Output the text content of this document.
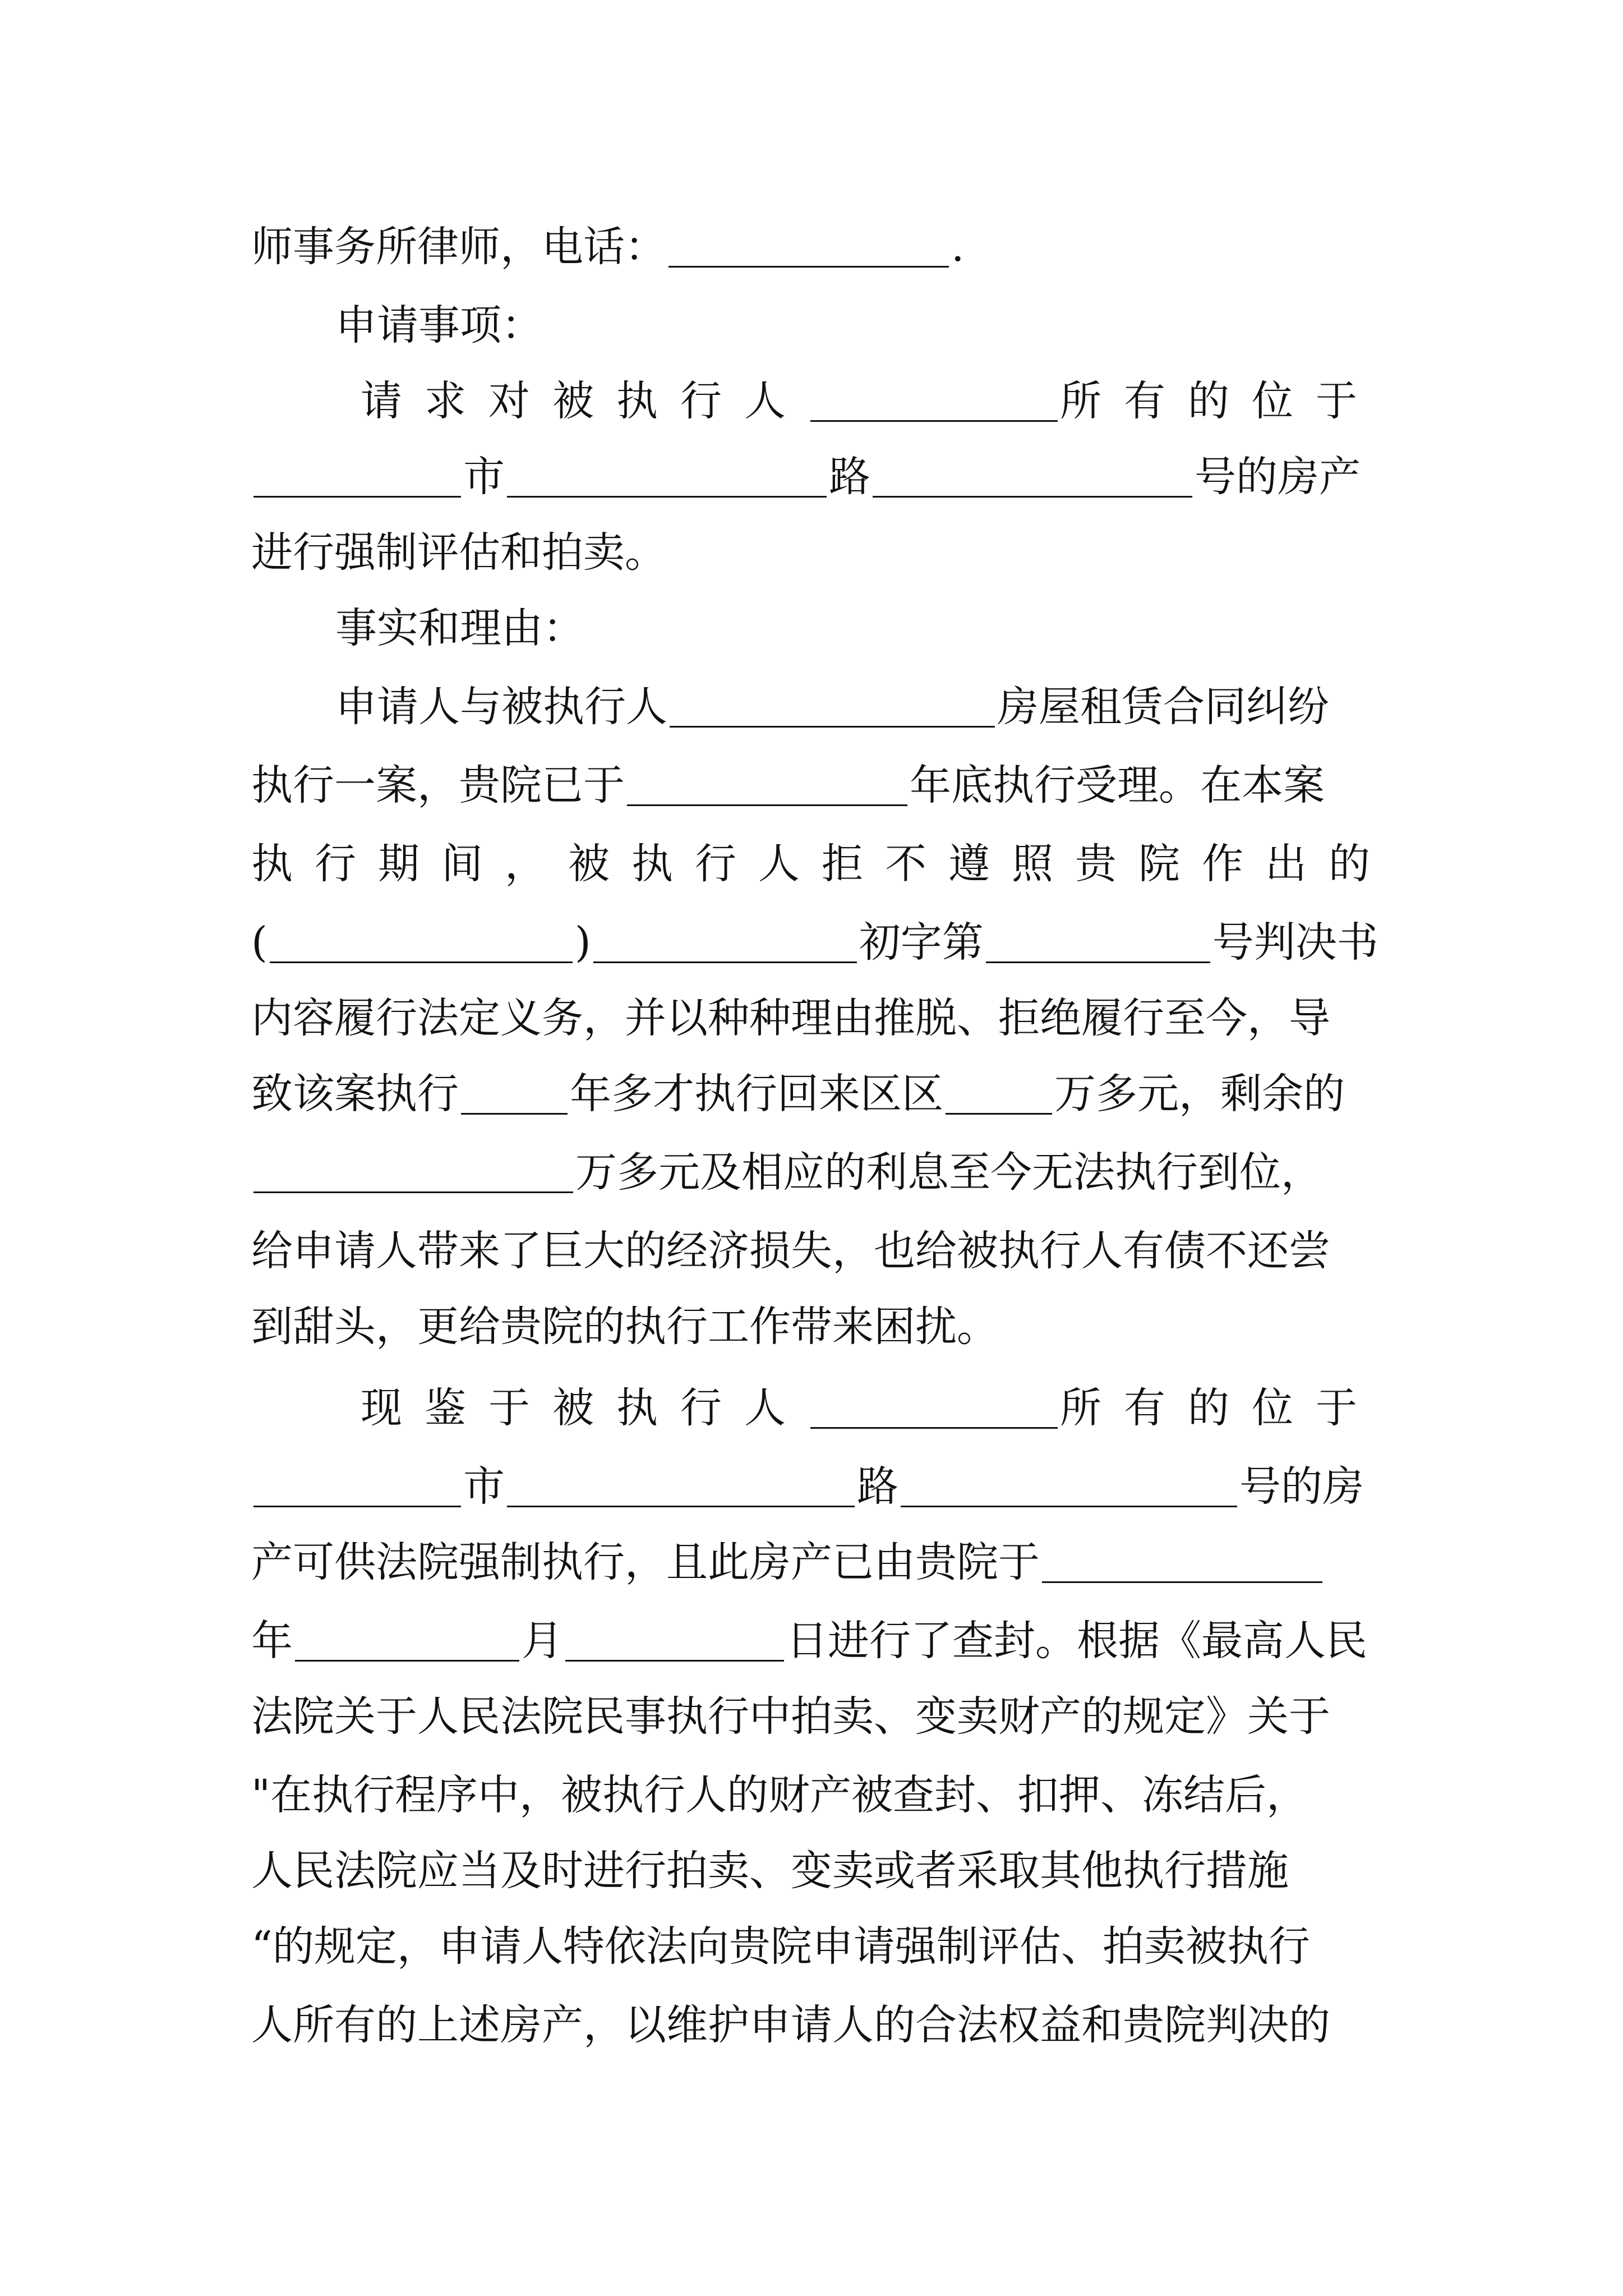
师事务所律师，电话：	.
申请事项：
请求对被执行人	所有的位于
市	路	号的房产
进行强制评估和拍卖。
事实和理由：
申请人与被执行人	房屋租赁合同纠纷
执行一案，贵院已于	年底执行受理。在本案
执行期间，被执行人拒不遵照贵院作出的
(	)	初字第	号判决书
内容履行法定义务，并以种种理由推脱、拒绝履行至今，导
致该案执行	年多才执行回来区区	万多元，剩余的
万多元及相应的利息至今无法执行到位，
给申请人带来了巨大的经济损失，也给被执行人有债不还尝
到甜头，更给贵院的执行工作带来困扰。
现鉴于被执行人	所有的位于
市	路	号的房
产可供法院强制执行，且此房产已由贵院于
年	月	日进行了查封。根据《最高人民
法院关于人民法院民事执行中拍卖、变卖财产的规定》关于
"在执行程序中，被执行人的财产被查封、扣押、冻结后，
人民法院应当及时进行拍卖、变卖或者采取其他执行措施
“的规定，申请人特依法向贵院申请强制评估、拍卖被执行
人所有的上述房产，以维护申请人的合法权益和贵院判决的
